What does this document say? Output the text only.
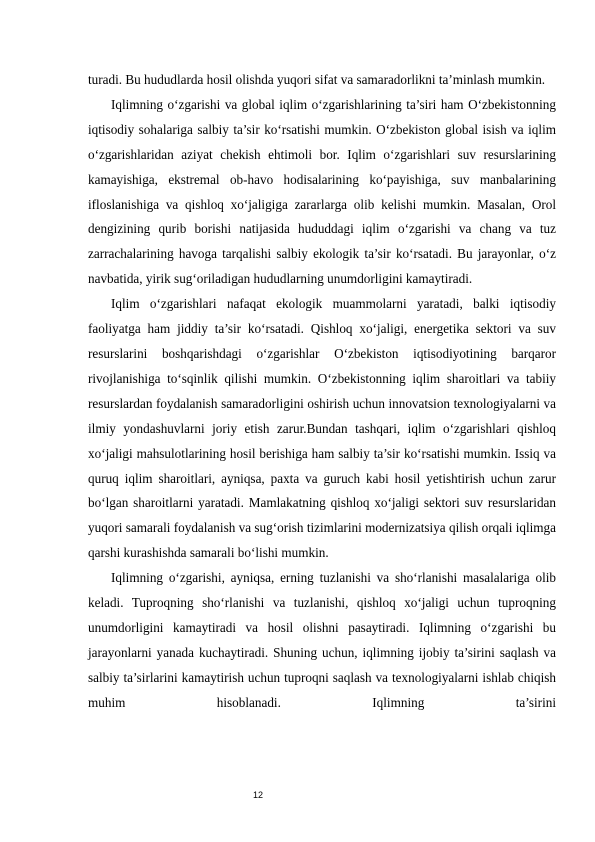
turadi. Bu hududlarda hosil olishda yuqori sifat va samaradorlikni ta’minlash mumkin.

Iqlimning o‘zgarishi va global iqlim o‘zgarishlarining ta’siri ham O‘zbekistonning iqtisodiy sohalariga salbiy ta’sir ko‘rsatishi mumkin. O‘zbekiston global isish va iqlim o‘zgarishlaridan aziyat chekish ehtimoli bor. Iqlim o‘zgarishlari suv resurslarining kamayishiga, ekstremal ob-havo hodisalarining ko‘payishiga, suv manbalarining ifloslanishiga va qishloq xo‘jaligiga zararlarga olib kelishi mumkin. Masalan, Orol dengizining qurib borishi natijasida hududdagi iqlim o‘zgarishi va chang va tuz zarrachalarining havoga tarqalishi salbiy ekologik ta’sir ko‘rsatadi. Bu jarayonlar, o‘z navbatida, yirik sug‘oriladigan hududlarning unumdorligini kamaytiradi.

Iqlim o‘zgarishlari nafaqat ekologik muammolarni yaratadi, balki iqtisodiy faoliyatga ham jiddiy ta’sir ko‘rsatadi. Qishloq xo‘jaligi, energetika sektori va suv resurslarini boshqarishdagi o‘zgarishlar O‘zbekiston iqtisodiyotining barqaror rivojlanishiga to‘sqinlik qilishi mumkin. O‘zbekistonning iqlim sharoitlari va tabiiy resurslardan foydalanish samaradorligini oshirish uchun innovatsion texnologiyalarni va ilmiy yondashuvlarni joriy etish zarur.Bundan tashqari, iqlim o‘zgarishlari qishloq xo‘jaligi mahsulotlarining hosil berishiga ham salbiy ta’sir ko‘rsatishi mumkin. Issiq va quruq iqlim sharoitlari, ayniqsa, paxta va guruch kabi hosil yetishtirish uchun zarur bo‘lgan sharoitlarni yaratadi. Mamlakatning qishloq xo‘jaligi sektori suv resurslaridan yuqori samarali foydalanish va sug‘orish tizimlarini modernizatsiya qilish orqali iqlimga qarshi kurashishda samarali bo‘lishi mumkin.

Iqlimning o‘zgarishi, ayniqsa, erning tuzlanishi va sho‘rlanishi masalalariga olib keladi. Tuproqning sho‘rlanishi va tuzlanishi, qishloq xo‘jaligi uchun tuproqning unumdorligini kamaytiradi va hosil olishni pasaytiradi. Iqlimning o‘zgarishi bu jarayonlarni yanada kuchaytiradi. Shuning uchun, iqlimning ijobiy ta’sirini saqlash va salbiy ta’sirlarini kamaytirish uchun tuproqni saqlash va texnologiyalarni ishlab chiqish muhim hisoblanadi. Iqlimning ta’sirini

12
